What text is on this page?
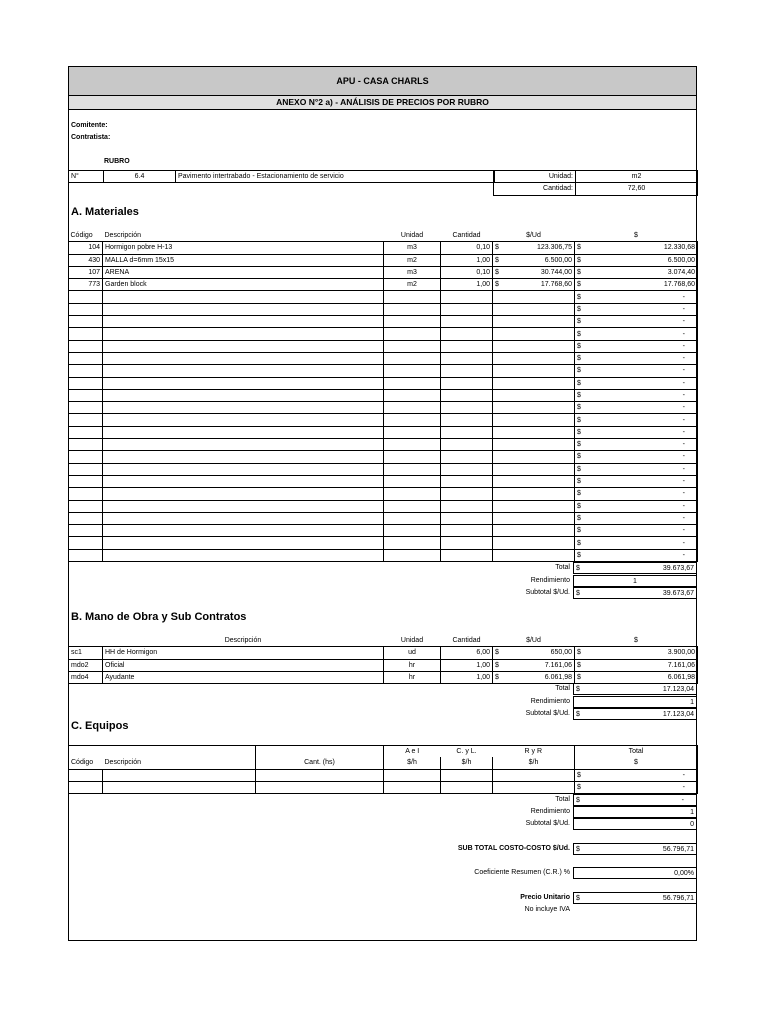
APU - CASA CHARLS
ANEXO N°2 a) - ANÁLISIS DE PRECIOS POR RUBRO
Comitente:
Contratista:
RUBRO
N°	6.4	Pavimento intertrabado - Estacionamiento de servicio	Unidad:	m2
Cantidad:	72,60
A. Materiales
Código	Descripción	Unidad	Cantidad	$/Ud	$
104	Hormigon pobre H-13	m3	0,10	$ 123.306,75	$ 12.330,68

430	MALLA d=6mm 15x15	m2	1,00	$ 6.500,00	$ 6.500,00

107	ARENA	m3	0,10	$ 30.744,00	$ 3.074,40

773	Garden block	m2	1,00	$ 17.768,60	$ 17.768,60

					$ -

					$ -

					$ -

					$ -

					$ -

					$ -

					$ -

					$ -

					$ -

					$ -

					$ -

					$ -

					$ -

					$ -

					$ -

					$ -

					$ -

					$ -

					$ -

					$ -

					$ -

					$ -
Total $	39.673,67
Rendimiento	1
Subtotal $/Ud. $	39.673,67
B. Mano de Obra y Sub Contratos
	Descripción	Unidad	Cantidad	$/Ud	$
sc1	HH de Hormigon	ud	6,00	$ 650,00	$ 3.900,00

mdo2	Oficial	hr	1,00	$ 7.161,06	$ 7.161,06

mdo4	Ayudante	hr	1,00	$ 6.061,98	$ 6.061,98
Total $	17.123,04
Rendimiento	1
Subtotal $/Ud. $	17.123,04
C. Equipos
			A e I	C. y L.	R y R	Total
Código	Descripción	Cant. (hs)	$/h	$/h	$/h	$
						$ -

						$ -
Total $	-
Rendimiento	1
Subtotal $/Ud.	0
SUB TOTAL COSTO-COSTO $/Ud. $	56.796,71
Coeficiente Resumen (C.R.) %	0,00%
Precio Unitario $	56.796,71
No incluye IVA
